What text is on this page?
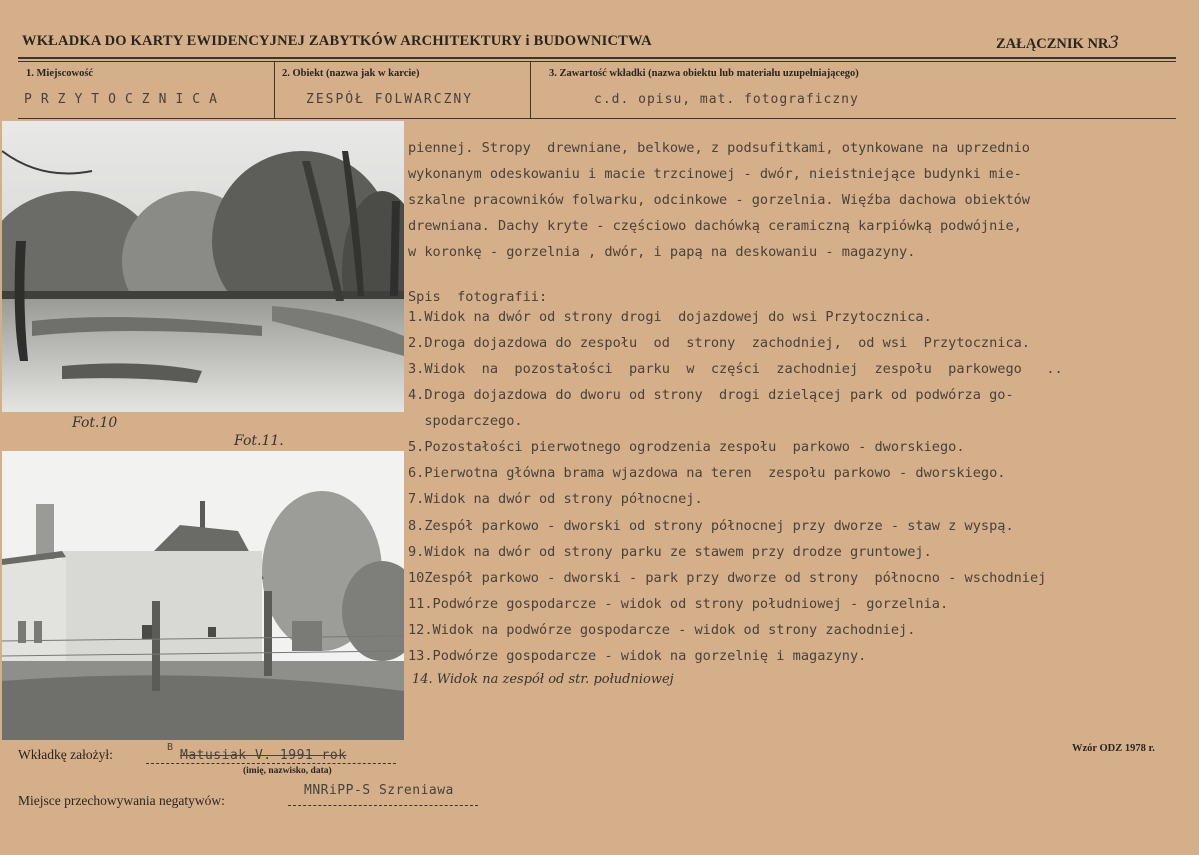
WKŁADKA DO KARTY EWIDENCYJNEJ ZABYTKÓW ARCHITEKTURY i BUDOWNICTWA	ZAŁĄCZNIK NR3
1. Miejscowość
PRZYTOCZNICA
2. Obiekt (nazwa jak w karcie)
ZESPÓŁ FOLWARCZNY
3. Zawartość wkładki (nazwa obiektu lub materiału uzupełniającego)
c.d. opisu, mat. fotograficzny
Fot.10
Fot.11.
piennej. Stropy  drewniane, belkowe, z podsufitkami, otynkowane na uprzednio
wykonanym odeskowaniu i macie trzcinowej - dwór, nieistniejące budynki mie-
szkalne pracowników folwarku, odcinkowe - gorzelnia. Więźba dachowa obiektów
drewniana. Dachy kryte - częściowo dachówką ceramiczną karpiówką podwójnie,
w koronkę - gorzelnia , dwór, i papą na deskowaniu - magazyny.
Spis  fotografii:
1.Widok na dwór od strony drogi  dojazdowej do wsi Przytocznica.
2.Droga dojazdowa do zespołu  od  strony  zachodniej,  od wsi  Przytocznica.
3.Widok  na  pozostałości  parku  w  części  zachodniej  zespołu  parkowego   ..
4.Droga dojazdowa do dworu od strony  drogi dzielącej park od podwórza go-
spodarczego.
5.Pozostałości pierwotnego ogrodzenia zespołu  parkowo - dworskiego.
6.Pierwotna główna brama wjazdowa na teren  zespołu parkowo - dworskiego.
7.Widok na dwór od strony północnej.
8.Zespół parkowo - dworski od strony północnej przy dworze - staw z wyspą.
9.Widok na dwór od strony parku ze stawem przy drodze gruntowej.
10Zespół parkowo - dworski - park przy dworze od strony  północno - wschodniej
11.Podwórze gospodarcze - widok od strony południowej - gorzelnia.
12.Widok na podwórze gospodarcze - widok od strony zachodniej.
13.Podwórze gospodarcze - widok na gorzelnię i magazyny.
14. Widok na zespół od str. południowej
Wkładkę założył:	B
Matusiak V. 1991 rok
(imię, nazwisko, data)
Miejsce przechowywania negatywów:
MNRiPP-S Szreniawa
Wzór ODZ 1978 r.
